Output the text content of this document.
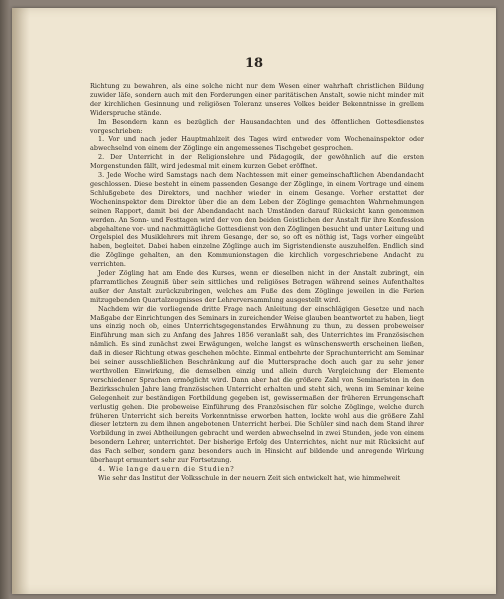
18

Richtung zu bewahren, als eine solche nicht nur dem Wesen einer wahrhaft christlichen Bildung zuwider läſe, sondern auch mit den Forderungen einer paritätischen Anstalt, sowie nicht minder mit der kirchlichen Gesinnung und religiösen Toleranz unseres Volkes beider Bekenntnisse in grellem Widerspruche stände.

Im Besondern kann es bezüglich der Hausandachten und des öffentlichen Gottesdienstes vorgeschrieben:

1. Vor und nach jeder Hauptmahlzeit des Tages wird entweder vom Wochenainspektor oder abwechselnd von einem der Zöglinge ein angemessenes Tischgebet gesprochen.

2. Der Unterricht in der Religionslehre und Pädagogik, der gewöhnlich auf die ersten Morgenstunden fällt, wird jedesmal mit einem kurzen Gebet eröffnet.

3. Jede Woche wird Samstags nach dem Nachtessen mit einer gemeinschaftlichen Abendandacht geschlossen. Diese besteht in einem passenden Gesange der Zöglinge, in einem Vortrage und einem Schlußgebete des Direktors, und nachher wieder in einem Gesange. Vorher erstattet der Wocheninspektor dem Direktor über die an dem Leben der Zöglinge gemachten Wahrnehmungen seinen Rapport, damit bei der Abendandacht nach Umständen darauf Rücksicht kann genommen werden. An Sonn- und Festtagen wird der von den beiden Geistlichen der Anstalt für ihre Konfession abgehaltene vor- und nachmittägliche Gottesdienst von den Zöglingen besucht und unter Leitung und Orgelspiel des Musiklehrers mit ihrem Gesange, der so, so oft es nöthig ist, Tags vorher eingeübt haben, begleitet. Dabei haben einzelne Zöglinge auch im Sigristendienste auszuhelfen. Endlich sind die Zöglinge gehalten, an den Kommunionstagen die kirchlich vorgeschriebene Andacht zu verrichten.

Jeder Zögling hat am Ende des Kurses, wenn er dieselben nicht in der Anstalt zubringt, ein pfarramtliches Zeugniß über sein sittliches und religiöses Betragen während seines Aufenthaltes außer der Anstalt zurückzubringen, welches am Fuße des dem Zöglinge jeweilen in die Ferien mitzugebenden Quartalzeugnisses der Lehrerversammlung ausgestellt wird.

Nachdem wir die vorliegende dritte Frage nach Anleitung der einschlägigen Gesetze und nach Maßgabe der Einrichtungen des Seminars in zureichender Weise glauben beantwortet zu haben, liegt uns einzig noch ob, eines Unterrichtsgegenstandes Erwähnung zu thun, zu dessen probeweiser Einführung man sich zu Anfang des Jahres 1856 veranlaßt sah, des Unterrichtes im Französischen nämlich. Es sind zunächst zwei Erwägungen, welche langst es wünschenswerth erscheinen ließen, daß in dieser Richtung etwas geschehen möchte. Einmal entbehrte der Sprachunterricht am Seminar bei seiner ausschließlichen Beschränkung auf die Muttersprache doch auch gar zu sehr jener werthvollen Einwirkung, die demselben einzig und allein durch Vergleichung der Elemente verschiedener Sprachen ermöglicht wird. Dann aber hat die größere Zahl von Seminaristen in den Bezirksschulen Jahre lang französischen Unterricht erhalten und steht sich, wenn im Seminar keine Gelegenheit zur beständigen Fortbildung gegeben ist, gewissermaßen der früheren Errungenschaft verlustig gehen. Die probeweise Einführung des Französischen für solche Zöglinge, welche durch früheren Unterricht sich bereits Vorkenntnisse erworben hatten, lockte wohl aus die größere Zahl dieser letztern zu dem ihnen angebotenen Unterricht herbei. Die Schüler sind nach dem Stand ihrer Vorbildung in zwei Abtheilungen gebracht und werden abwechselnd in zwei Stunden, jede von einem besondern Lehrer, unterrichtet. Der bisherige Erfolg des Unterrichtes, nicht nur mit Rücksicht auf das Fach selber, sondern ganz besonders auch in Hinsicht auf bildende und anregende Wirkung überhaupt ermuntert sehr zur Fortsetzung.

4. Wie lange dauern die Studien?

Wie sehr das Institut der Volksschule in der neuern Zeit sich entwickelt hat, wie himmelweit
